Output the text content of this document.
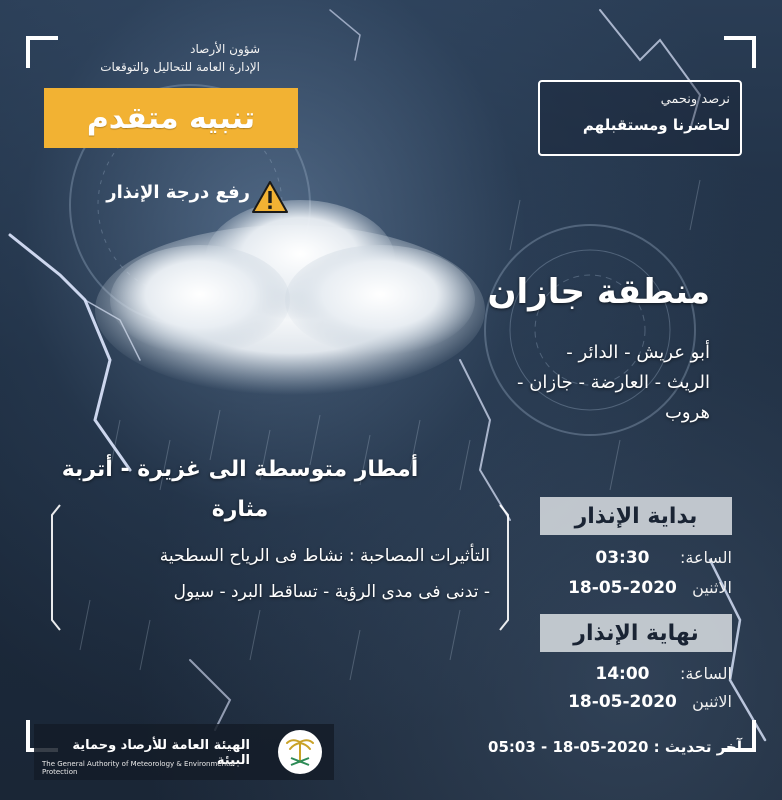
شؤون الأرصاد
الإدارة العامة للتحاليل والتوقعات
تنبيه متقدم
رفع درجة الإنذار
نرصد ونحمي
لحاضرنا ومستقبلهم
منطقة جازان
أبو عريش - الدائر -
الريث - العارضة - جازان -
هروب
أمطار متوسطة الى غزيرة - أتربة
مثارة
التأثيرات المصاحبة : نشاط فى الرياح السطحية
- تدنى فى مدى الرؤية - تساقط البرد - سيول
بداية الإنذار
الساعة:      03:30
الاثنين   2020-05-18
نهاية الإنذار
الساعة:      14:00
الاثنين   2020-05-18
الهيئة العامة للأرصاد وحماية البيئة
The General Authority of Meteorology & Environmental Protection
آخر تحديث : 2020-05-18 - 05:03
